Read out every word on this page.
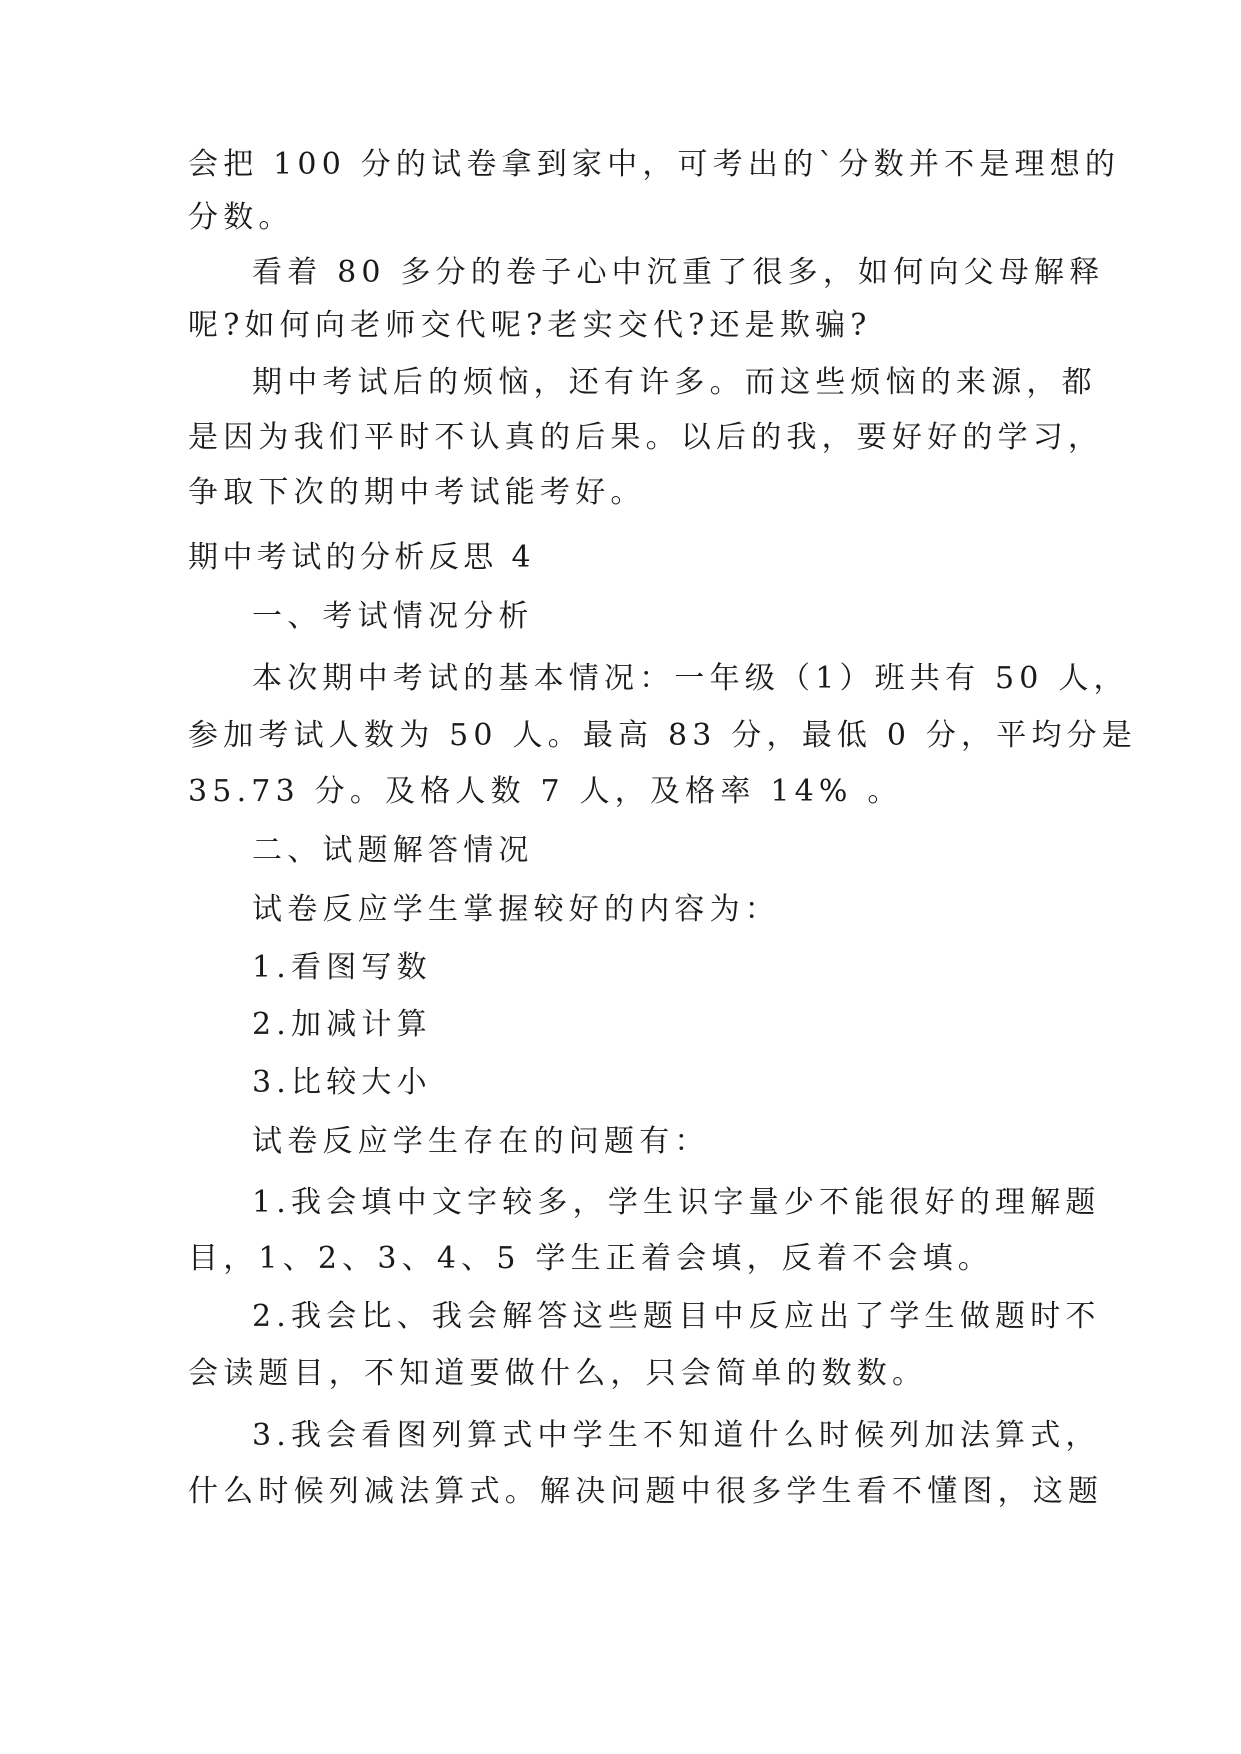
会把 100 分的试卷拿到家中，可考出的`分数并不是理想的
分数。
看着 80 多分的卷子心中沉重了很多，如何向父母解释
呢?如何向老师交代呢?老实交代?还是欺骗?
期中考试后的烦恼，还有许多。而这些烦恼的来源，都
是因为我们平时不认真的后果。以后的我，要好好的学习，
争取下次的期中考试能考好。
期中考试的分析反思 4
一、考试情况分析
本次期中考试的基本情况：一年级（1）班共有 50 人，
参加考试人数为 50 人。最高 83 分，最低 0 分，平均分是
35.73 分。及格人数 7 人，及格率 14% 。
二、试题解答情况
试卷反应学生掌握较好的内容为：
1.看图写数
2.加减计算
3.比较大小
试卷反应学生存在的问题有：
1.我会填中文字较多，学生识字量少不能很好的理解题
目，1、2、3、4、5 学生正着会填，反着不会填。
2.我会比、我会解答这些题目中反应出了学生做题时不
会读题目，不知道要做什么，只会简单的数数。
3.我会看图列算式中学生不知道什么时候列加法算式，
什么时候列减法算式。解决问题中很多学生看不懂图，这题
